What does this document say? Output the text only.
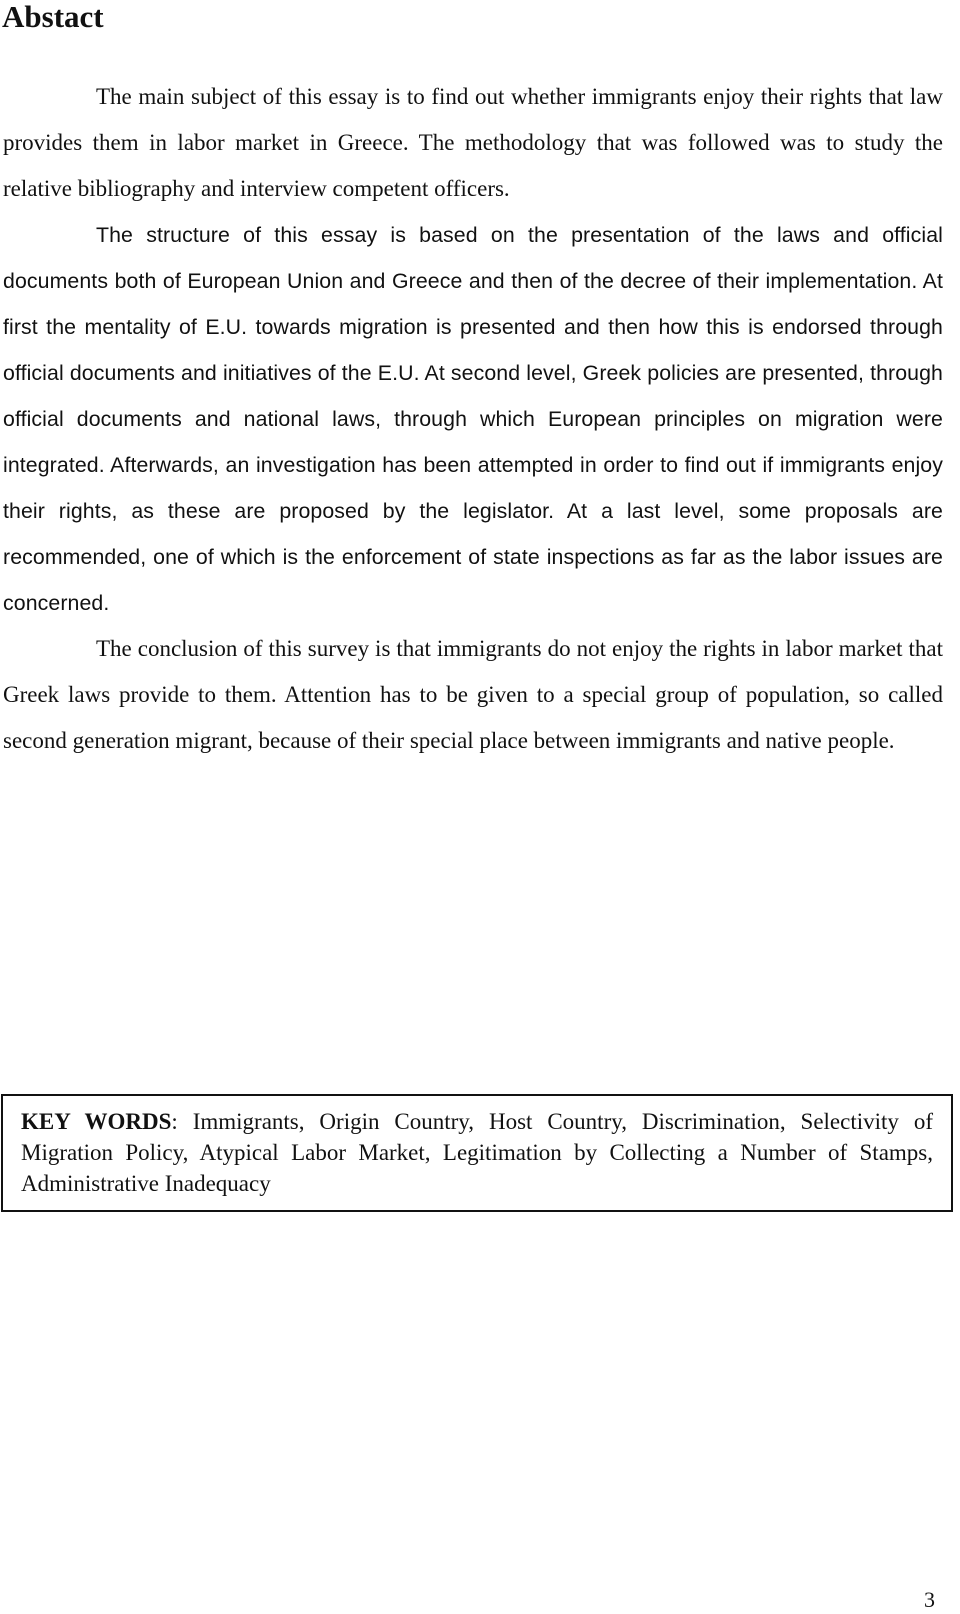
Abstact

The main subject of this essay is to find out whether immigrants enjoy their rights that law provides them in labor market in Greece. The methodology that was followed was to study the relative bibliography and interview competent officers.

The structure of this essay is based on the presentation of the laws and official documents both of European Union and Greece and then of the decree of their implementation. At first the mentality of E.U. towards migration is presented and then how this is endorsed through official documents and initiatives of the E.U. At second level, Greek policies are presented, through official documents and national laws, through which European principles on migration were integrated. Afterwards, an investigation has been attempted in order to find out if immigrants enjoy their rights, as these are proposed by the legislator. At a last level, some proposals are recommended, one of which is the enforcement of state inspections as far as the labor issues are concerned.

The conclusion of this survey is that immigrants do not enjoy the rights in labor market that Greek laws provide to them. Attention has to be given to a special group of population, so called second generation migrant, because of their special place between immigrants and native people.

KEY WORDS: Immigrants, Origin Country, Host Country, Discrimination, Selectivity of Migration Policy, Atypical Labor Market, Legitimation by Collecting a Number of Stamps, Administrative Inadequacy

3
